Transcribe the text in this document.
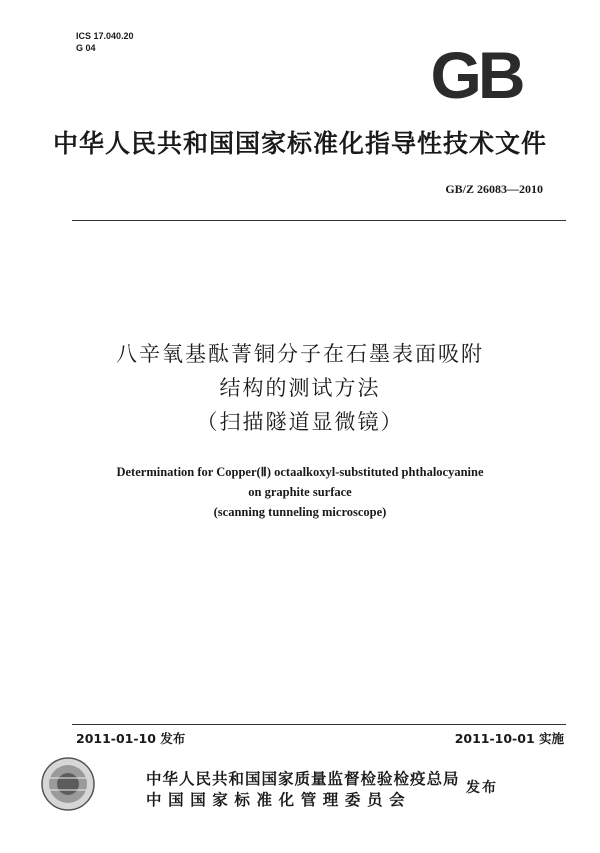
ICS 17.040.20
G 04	GB
中华人民共和国国家标准化指导性技术文件
GB/Z 26083—2010
八辛氧基酞菁铜分子在石墨表面吸附
结构的测试方法
（扫描隧道显微镜）
Determination for Copper(Ⅱ) octaalkoxyl-substituted phthalocyanine
on graphite surface
(scanning tunneling microscope)
2011-01-10 发布	2011-10-01 实施
中华人民共和国国家质量监督检验检疫总局
中国国家标准化管理委员会
发布
